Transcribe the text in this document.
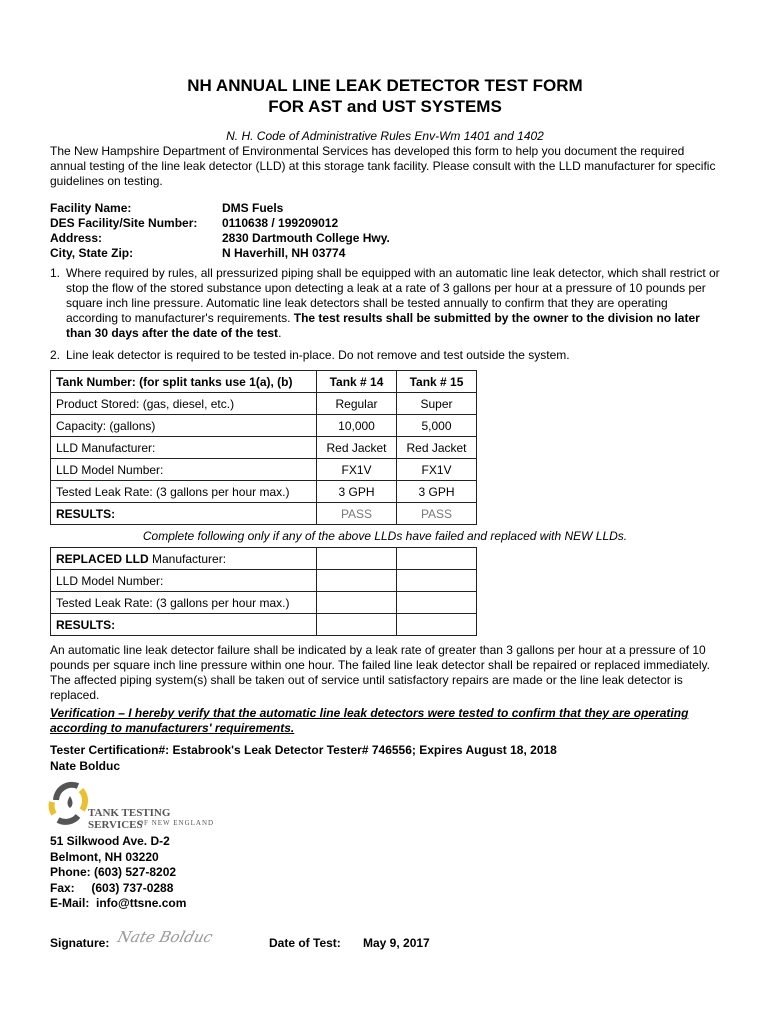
NH ANNUAL LINE LEAK DETECTOR TEST FORM
FOR AST and UST SYSTEMS
N. H. Code of Administrative Rules Env-Wm 1401 and 1402

The New Hampshire Department of Environmental Services has developed this form to help you document the required annual testing of the line leak detector (LLD) at this storage tank facility. Please consult with the LLD manufacturer for specific guidelines on testing.

Facility Name:	DMS Fuels
DES Facility/Site Number:	0110638 / 199209012
Address:	2830 Dartmouth College Hwy.
City, State Zip:	N Haverhill, NH 03774
1. Where required by rules, all pressurized piping shall be equipped with an automatic line leak detector, which shall restrict or stop the flow of the stored substance upon detecting a leak at a rate of 3 gallons per hour at a pressure of 10 pounds per square inch line pressure. Automatic line leak detectors shall be tested annually to confirm that they are operating according to manufacturer's requirements. The test results shall be submitted by the owner to the division no later than 30 days after the date of the test.

2. Line leak detector is required to be tested in-place. Do not remove and test outside the system.

Tank Number: (for split tanks use 1(a), (b)	Tank # 14	Tank # 15
Product Stored: (gas, diesel, etc.)	Regular	Super
Capacity: (gallons)	10,000	5,000
LLD Manufacturer:	Red Jacket	Red Jacket
LLD Model Number:	FX1V	FX1V
Tested Leak Rate: (3 gallons per hour max.)	3 GPH	3 GPH
RESULTS:	PASS	PASS
Complete following only if any of the above LLDs have failed and replaced with NEW LLDs.
REPLACED LLD Manufacturer:		
LLD Model Number:		
Tested Leak Rate: (3 gallons per hour max.)		
RESULTS:		

An automatic line leak detector failure shall be indicated by a leak rate of greater than 3 gallons per hour at a pressure of 10 pounds per square inch line pressure within one hour. The failed line leak detector shall be repaired or replaced immediately. The affected piping system(s) shall be taken out of service until satisfactory repairs are made or the line leak detector is replaced.

Verification – I hereby verify that the automatic line leak detectors were tested to confirm that they are operating according to manufacturers' requirements.

Tester Certification#: Estabrook's Leak Detector Tester# 746556; Expires August 18, 2018

Nate Bolduc

TANK TESTING SERVICES
OF NEW ENGLAND
51 Silkwood Ave. D-2
Belmont, NH 03220
Phone: (603) 527-8202
Fax:     (603) 737-0288
E-Mail:  info@ttsne.com
Signature: Nate Bolduc	Date of Test: May 9, 2017
